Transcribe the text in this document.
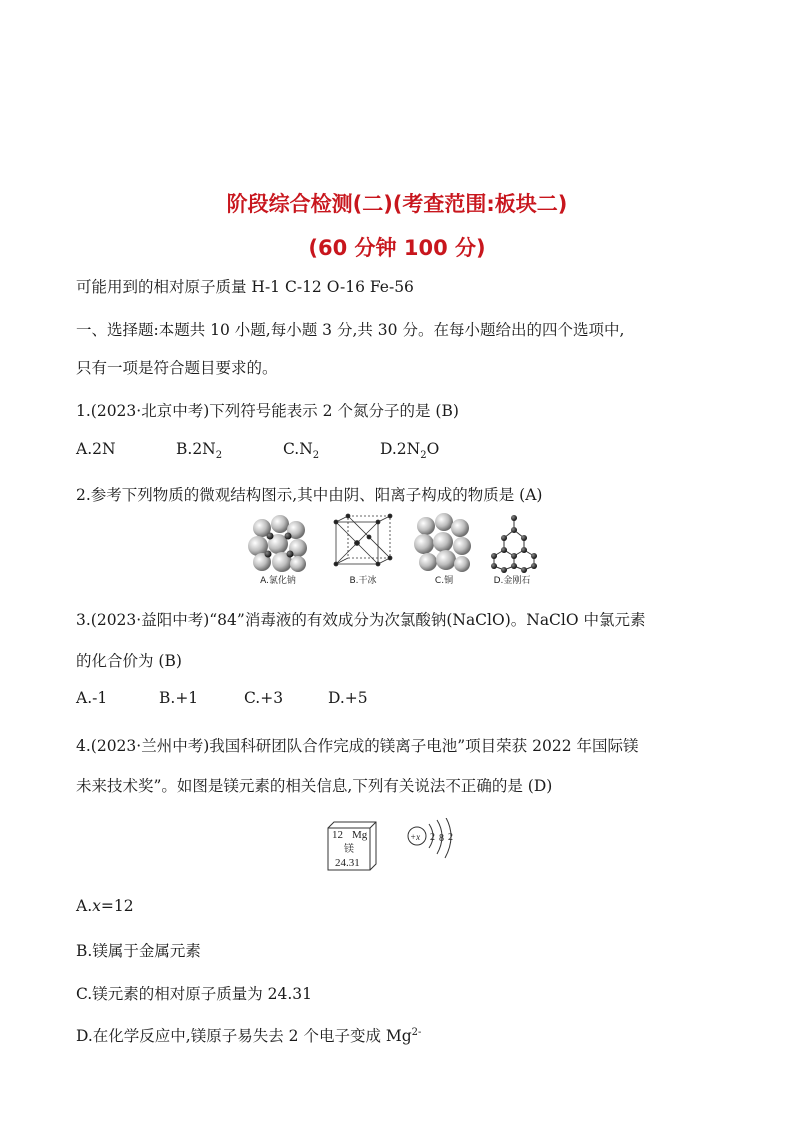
阶段综合检测(二)(考查范围:板块二)
(60 分钟 100 分)
可能用到的相对原子质量 H-1 C-12 O-16 Fe-56
一、选择题:本题共 10 小题,每小题 3 分,共 30 分。在每小题给出的四个选项中,
只有一项是符合题目要求的。
1.(2023·北京中考)下列符号能表示 2 个氮分子的是 (B)
A.2N	$B.2N_2$	$C.N_2$	$D.2N_2O$
2.参考下列物质的微观结构图示,其中由阴、阳离子构成的物质是 (A)
A.氯化钠	B.干冰	C.铜	D.金刚石
3.(2023·益阳中考)“84”消毒液的有效成分为次氯酸钠(NaClO)。NaClO 中氯元素
的化合价为 (B)
A.-1	B.+1	C.+3	D.+5
4.(2023·兰州中考)我国科研团队合作完成的镁离子电池”项目荣获 2022 年国际镁
未来技术奖”。如图是镁元素的相关信息,下列有关说法不正确的是 (D)
12 Mg
镁
24.31
+x 2 8 2
A.x=12
B.镁属于金属元素
C.镁元素的相对原子质量为 24.31
D.在化学反应中,镁原子易失去 2 个电子变成 $Mg^{2-}$
